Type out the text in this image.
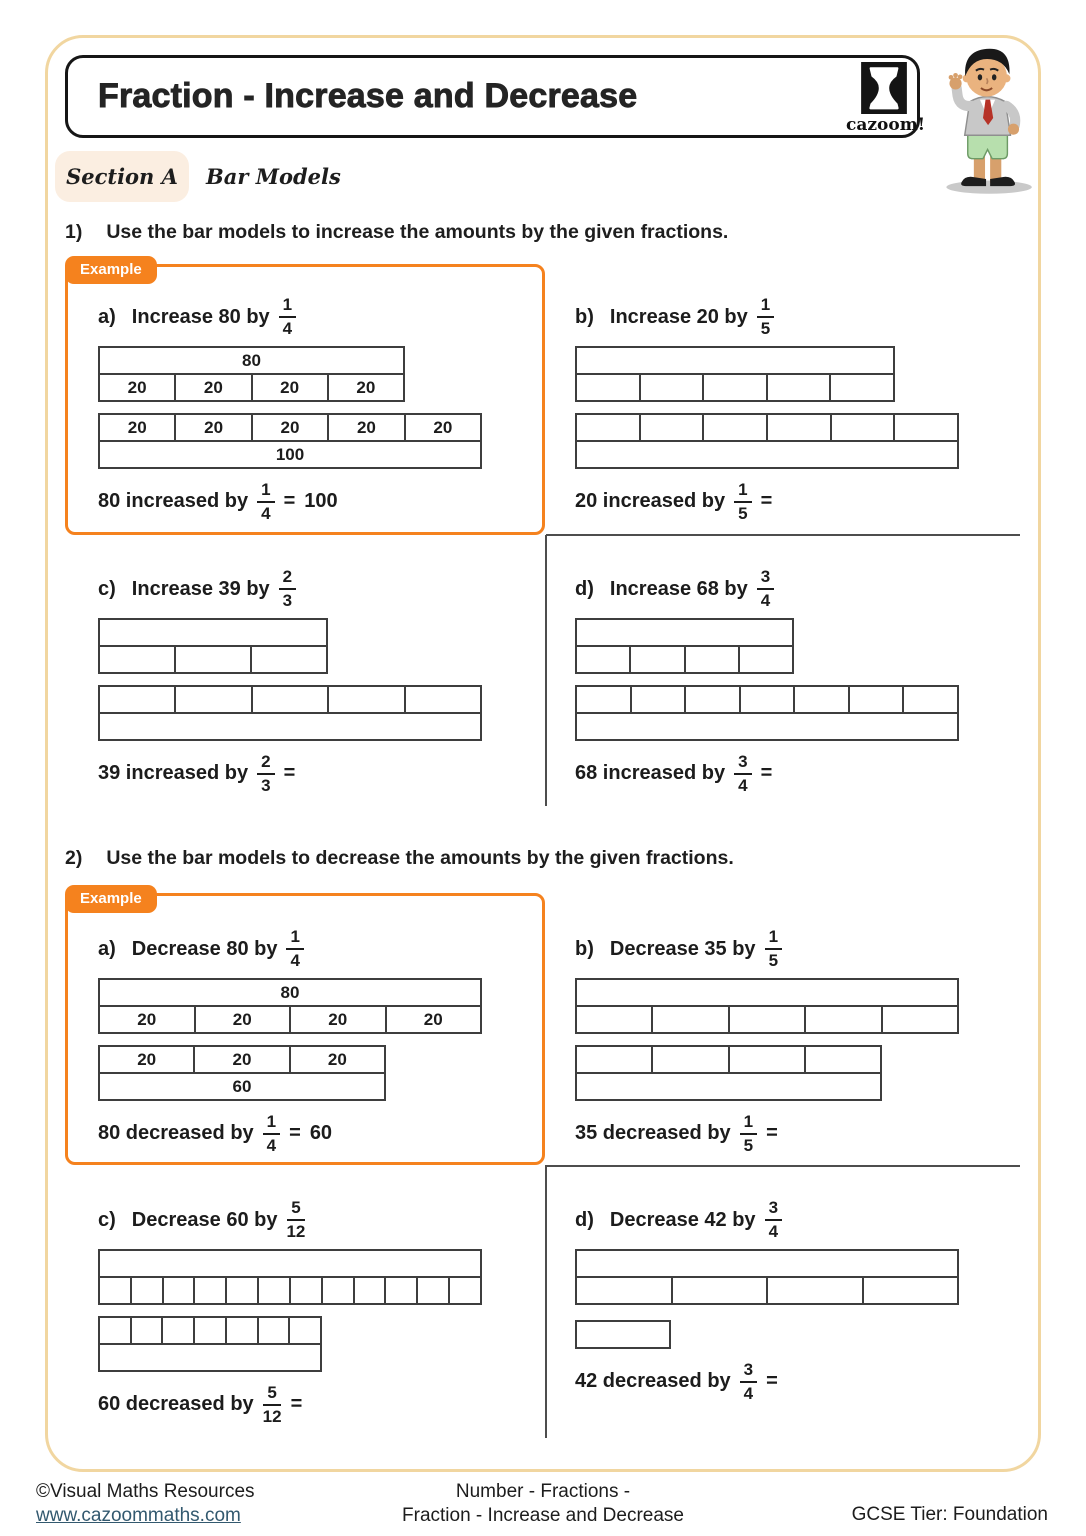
Fraction - Increase and Decrease
cazoom!
Section A Bar Models
1) Use the bar models to increase the amounts by the given fractions.
2) Use the bar models to decrease the amounts by the given fractions.
Example
Example
a) Increase 80 by $\frac{1}{4}$
80
20	20	20	20
20	20	20	20	20
100
80 increased by $\frac{1}{4} = 100$
b) Increase 20 by $\frac{1}{5}$
20 increased by $\frac{1}{5}$ =
c) Increase 39 by $\frac{2}{3}$
39 increased by $\frac{2}{3}$ =
d) Increase 68 by $\frac{3}{4}$
68 increased by $\frac{3}{4}$ =
a) Decrease 80 by $\frac{1}{4}$
80
20	20	20	20
20	20	20
60
80 decreased by $\frac{1}{4} = 60$
b) Decrease 35 by $\frac{1}{5}$
35 decreased by $\frac{1}{5}$ =
c) Decrease 60 by $\frac{5}{12}$
60 decreased by $\frac{5}{12}$ =
d) Decrease 42 by $\frac{3}{4}$
42 decreased by $\frac{3}{4}$ =
©Visual Maths Resources
www.cazoommaths.com
Number - Fractions -
Fraction - Increase and Decrease	GCSE Tier: Foundation
